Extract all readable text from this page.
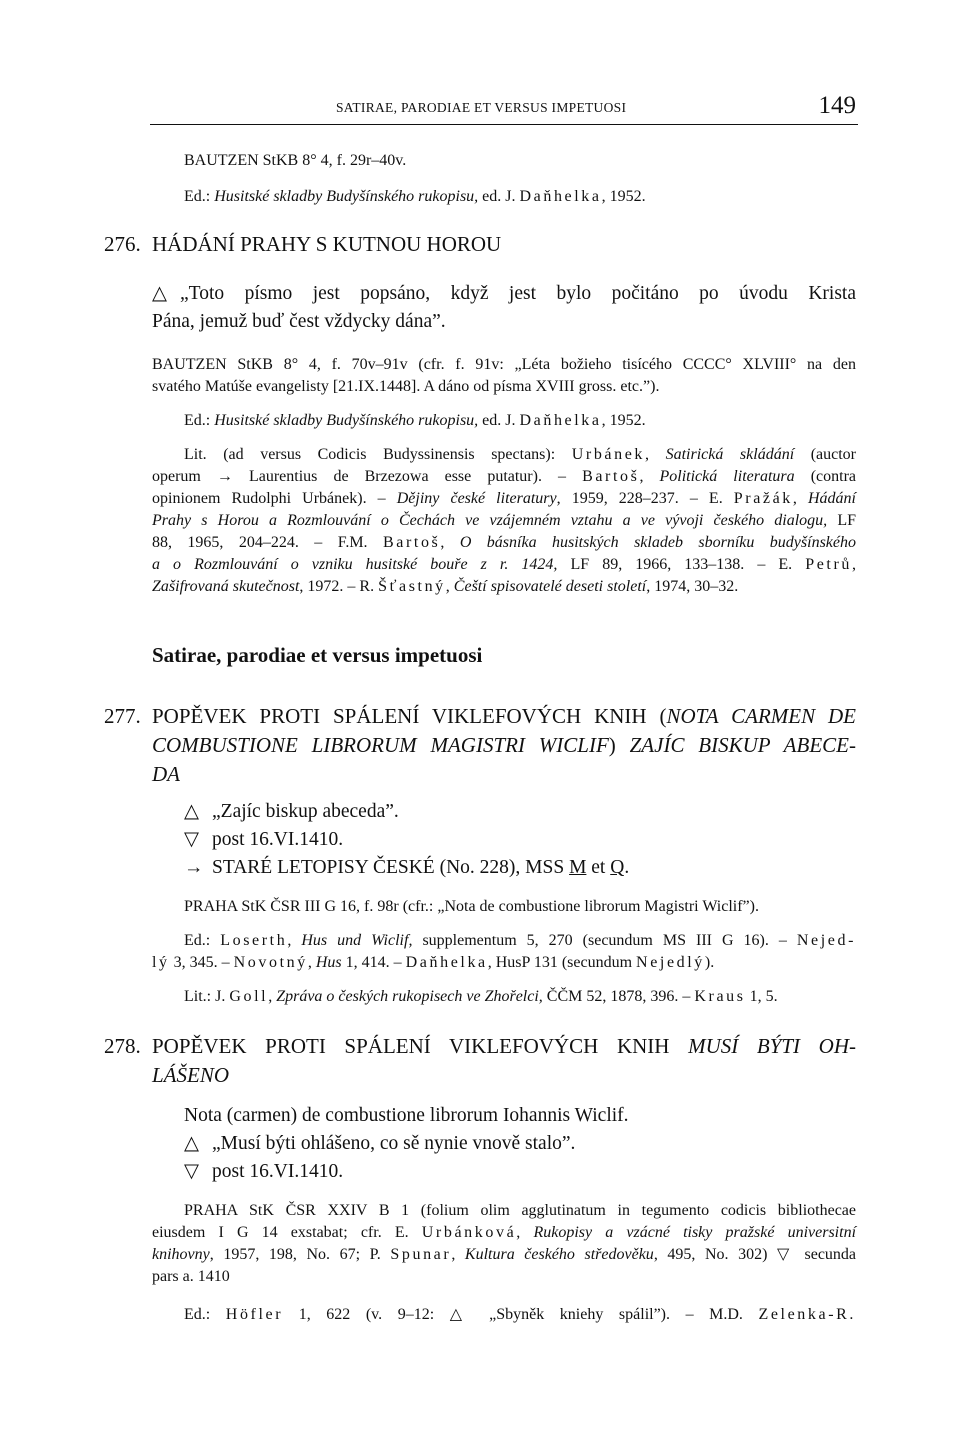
SATIRAE, PARODIAE ET VERSUS IMPETUOSI	149
BAUTZEN StKB 8° 4, f. 29r–40v.
Ed.: Husitské skladby Budyšínského rukopisu, ed. J. Daňhelka, 1952.
276. HÁDÁNÍ PRAHY S KUTNOU HOROU
△ „Toto písmo jest popsáno, když jest bylo počitáno po úvodu Krista
Pána, jemuž buď čest vždycky dána”.
BAUTZEN StKB 8° 4, f. 70v–91v (cfr. f. 91v: „Léta božieho tisícého CCCC° XLVIII° na den
svatého Matúše evangelisty [21.IX.1448]. A dáno od písma XVIII gross. etc.”).
Ed.: Husitské skladby Budyšínského rukopisu, ed. J. Daňhelka, 1952.
Lit. (ad versus Codicis Budyssinensis spectans): Urbánek, Satirická skládání (auctor
operum → Laurentius de Brzezowa esse putatur). – Bartoš, Politická literatura (contra
opinionem Rudolphi Urbánek). – Dějiny české literatury, 1959, 228–237. – E. Pražák, Hádání
Prahy s Horou a Rozmlouvání o Čechách ve vzájemném vztahu a ve vývoji českého dialogu, LF
88, 1965, 204–224. – F.M. Bartoš, O básníka husitských skladeb sborníku budyšínského
a o Rozmlouvání o vzniku husitské bouře z r. 1424, LF 89, 1966, 133–138. – E. Petrů,
Zašifrovaná skutečnost, 1972. – R. Šťastný, Čeští spisovatelé deseti století, 1974, 30–32.
Satirae, parodiae et versus impetuosi
277. POPĚVEK PROTI SPÁLENÍ VIKLEFOVÝCH KNIH (NOTA CARMEN DE
COMBUSTIONE LIBRORUM MAGISTRI WICLIF) ZAJÍC BISKUP ABECE-
DA
△ „Zajíc biskup abeceda”.
▽ post 16.VI.1410.
→ STARÉ LETOPISY ČESKÉ (No. 228), MSS M et Q.
PRAHA StK ČSR III G 16, f. 98r (cfr.: „Nota de combustione librorum Magistri Wiclif”).
Ed.: Loserth, Hus und Wiclif, supplementum 5, 270 (secundum MS III G 16). – Nejed-
lý 3, 345. – Novotný, Hus 1, 414. – Daňhelka, HusP 131 (secundum Nejedlý).
Lit.: J. Goll, Zpráva o českých rukopisech ve Zhořelci, ČČM 52, 1878, 396. – Kraus 1, 5.
278. POPĚVEK PROTI SPÁLENÍ VIKLEFOVÝCH KNIH MUSÍ BÝTI OH-
LÁŠENO
Nota (carmen) de combustione librorum Iohannis Wiclif.
△ „Musí býti ohlášeno, co sě nynie vnově stalo”.
▽ post 16.VI.1410.
PRAHA StK ČSR XXIV B 1 (folium olim agglutinatum in tegumento codicis bibliothecae
eiusdem I G 14 exstabat; cfr. E. Urbánková, Rukopisy a vzácné tisky pražské universitní
knihovny, 1957, 198, No. 67; P. Spunar, Kultura českého středověku, 495, No. 302) ▽ secunda
pars a. 1410
Ed.: Höfler 1, 622 (v. 9–12: △ „Sbyněk kniehy spálil”). – M.D. Zelenka-R.
